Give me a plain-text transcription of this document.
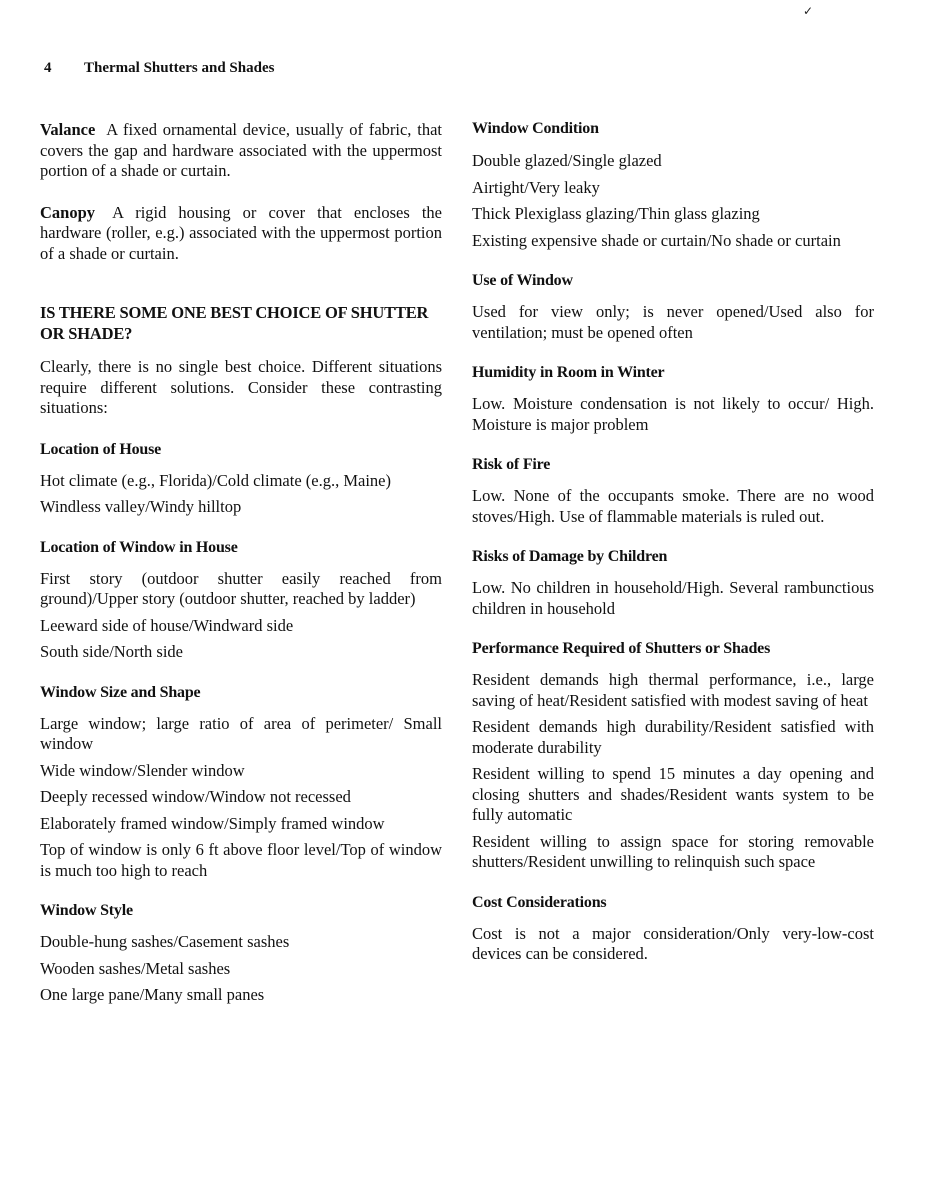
✓
4 Thermal Shutters and Shades

Valance A fixed ornamental device, usually of fabric, that covers the gap and hardware associated with the uppermost portion of a shade or curtain.

Canopy A rigid housing or cover that encloses the hardware (roller, e.g.) associated with the uppermost portion of a shade or curtain.

IS THERE SOME ONE BEST CHOICE OF SHUTTER OR SHADE?

Clearly, there is no single best choice. Different situations require different solutions. Consider these contrasting situations:

Location of House
Hot climate (e.g., Florida)/Cold climate (e.g., Maine)
Windless valley/Windy hilltop
Location of Window in House
First story (outdoor shutter easily reached from ground)/Upper story (outdoor shutter, reached by ladder)
Leeward side of house/Windward side
South side/North side
Window Size and Shape
Large window; large ratio of area of perimeter/ Small window
Wide window/Slender window
Deeply recessed window/Window not recessed
Elaborately framed window/Simply framed window
Top of window is only 6 ft above floor level/Top of window is much too high to reach
Window Style
Double-hung sashes/Casement sashes
Wooden sashes/Metal sashes
One large pane/Many small panes
Window Condition
Double glazed/Single glazed
Airtight/Very leaky
Thick Plexiglass glazing/Thin glass glazing
Existing expensive shade or curtain/No shade or curtain
Use of Window
Used for view only; is never opened/Used also for ventilation; must be opened often
Humidity in Room in Winter
Low. Moisture condensation is not likely to occur/ High. Moisture is major problem
Risk of Fire
Low. None of the occupants smoke. There are no wood stoves/High. Use of flammable materials is ruled out.
Risks of Damage by Children
Low. No children in household/High. Several rambunctious children in household
Performance Required of Shutters or Shades
Resident demands high thermal performance, i.e., large saving of heat/Resident satisfied with modest saving of heat
Resident demands high durability/Resident satisfied with moderate durability
Resident willing to spend 15 minutes a day opening and closing shutters and shades/Resident wants system to be fully automatic
Resident willing to assign space for storing removable shutters/Resident unwilling to relinquish such space
Cost Considerations
Cost is not a major consideration/Only very-low-cost devices can be considered.
